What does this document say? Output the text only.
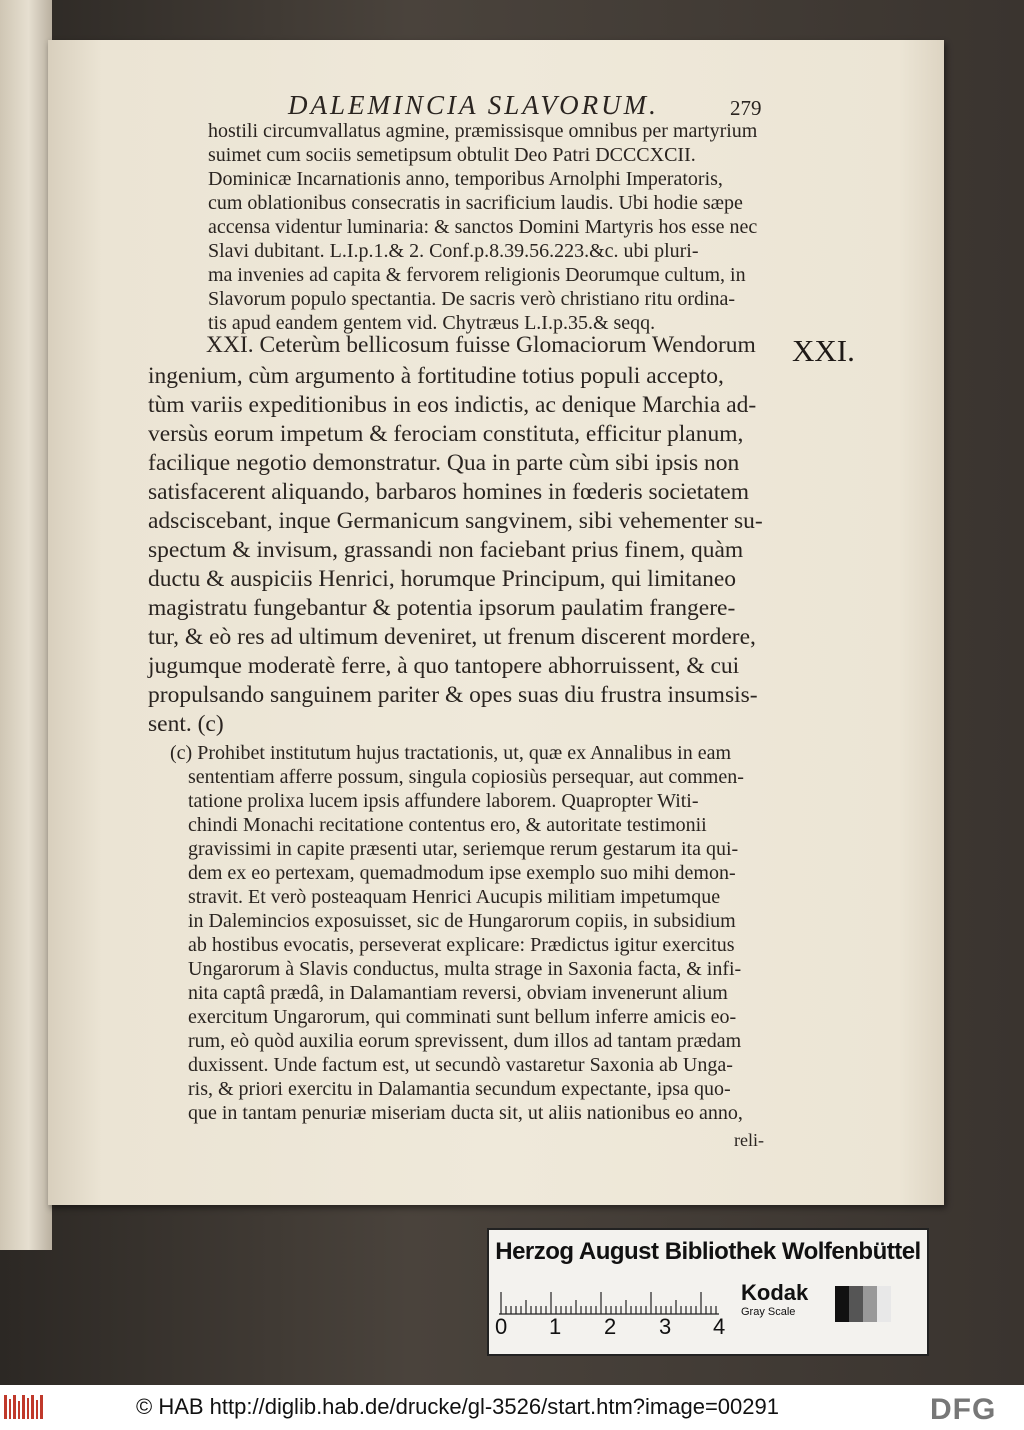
DALEMINCIA SLAVORUM.	279
hostili circumvallatus agmine, præmissisque omnibus per martyrium
suimet cum sociis semetipsum obtulit Deo Patri DCCCXCII.
Dominicæ Incarnationis anno, temporibus Arnolphi Imperatoris,
cum oblationibus consecratis in sacrificium laudis. Ubi hodie sæpe
accensa videntur luminaria: & sanctos Domini Martyris hos esse nec
Slavi dubitant. L.I.p.1.& 2. Conf.p.8.39.56.223.&c. ubi pluri-
ma invenies ad capita & fervorem religionis Deorumque cultum, in
Slavorum populo spectantia. De sacris verò christiano ritu ordina-
tis apud eandem gentem vid. Chytræus L.I.p.35.& seqq.
XXI. Ceterùm bellicosum fuisse Glomaciorum Wendorum
ingenium, cùm argumento à fortitudine totius populi accepto,
tùm variis expeditionibus in eos indictis, ac denique Marchia ad-
versùs eorum impetum & ferociam constituta, efficitur planum,
facilique negotio demonstratur. Qua in parte cùm sibi ipsis non
satisfacerent aliquando, barbaros homines in fœderis societatem
adsciscebant, inque Germanicum sangvinem, sibi vehementer su-
spectum & invisum, grassandi non faciebant prius finem, quàm
ductu & auspiciis Henrici, horumque Principum, qui limitaneo
magistratu fungebantur & potentia ipsorum paulatim frangere-
tur, & eò res ad ultimum deveniret, ut frenum discerent mordere,
jugumque moderatè ferre, à quo tantopere abhorruissent, & cui
propulsando sanguinem pariter & opes suas diu frustra insumsis-
sent. (c)
(c) Prohibet institutum hujus tractationis, ut, quæ ex Annalibus in eam
sententiam afferre possum, singula copiosiùs persequar, aut commen-
tatione prolixa lucem ipsis affundere laborem. Quapropter Witi-
chindi Monachi recitatione contentus ero, & autoritate testimonii
gravissimi in capite præsenti utar, seriemque rerum gestarum ita qui-
dem ex eo pertexam, quemadmodum ipse exemplo suo mihi demon-
stravit. Et verò posteaquam Henrici Aucupis militiam impetumque
in Dalemincios exposuisset, sic de Hungarorum copiis, in subsidium
ab hostibus evocatis, perseverat explicare: Prædictus igitur exercitus
Ungarorum à Slavis conductus, multa strage in Saxonia facta, & infi-
nita captâ prædâ, in Dalamantiam reversi, obviam invenerunt alium
exercitum Ungarorum, qui comminati sunt bellum inferre amicis eo-
rum, eò quòd auxilia eorum sprevissent, dum illos ad tantam prædam
duxissent. Unde factum est, ut secundò vastaretur Saxonia ab Unga-
ris, & priori exercitu in Dalamantia secundum expectante, ipsa quo-
que in tantam penuriæ miseriam ducta sit, ut aliis nationibus eo anno,
reli-
XXI.
Herzog August Bibliothek Wolfenbüttel
0 1 2 3 4
Kodak
Gray Scale
© HAB http://diglib.hab.de/drucke/gl-3526/start.htm?image=00291	DFG
